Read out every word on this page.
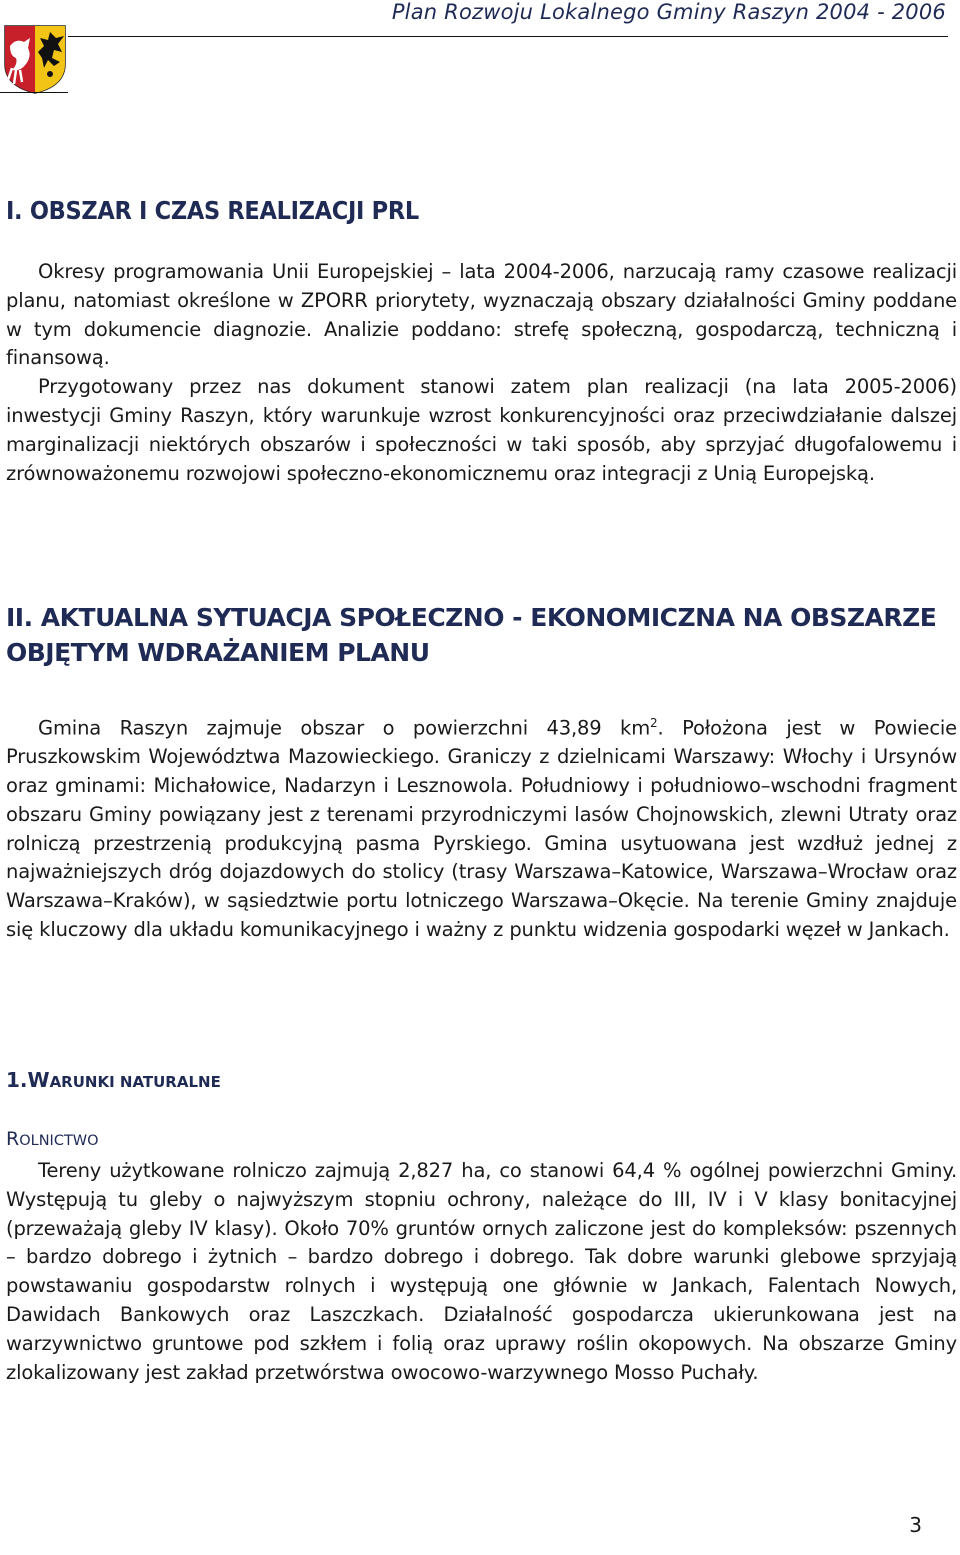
Plan Rozwoju Lokalnego Gminy Raszyn 2004 - 2006
I. OBSZAR I CZAS REALIZACJI PRL

Okresy programowania Unii Europejskiej – lata 2004-2006, narzucają ramy czasowe realizacji planu, natomiast określone w ZPORR priorytety, wyznaczają obszary działalności Gminy poddane w tym dokumencie diagnozie. Analizie poddano: strefę społeczną, gospodarczą, techniczną i finansową.

Przygotowany przez nas dokument stanowi zatem plan realizacji (na lata 2005-2006) inwestycji Gminy Raszyn, który warunkuje wzrost konkurencyjności oraz przeciwdziałanie dalszej marginalizacji niektórych obszarów i społeczności w taki sposób, aby sprzyjać długofalowemu i zrównoważonemu rozwojowi społeczno-ekonomicznemu oraz integracji z Unią Europejską.

II. AKTUALNA SYTUACJA SPOŁECZNO - EKONOMICZNA NA OBSZARZE OBJĘTYM WDRAŻANIEM PLANU

Gmina Raszyn zajmuje obszar o powierzchni 43,89 $km^2$. Położona jest w Powiecie Pruszkowskim Województwa Mazowieckiego. Graniczy z dzielnicami Warszawy: Włochy i Ursynów oraz gminami: Michałowice, Nadarzyn i Lesznowola. Południowy i południowo–wschodni fragment obszaru Gminy powiązany jest z terenami przyrodniczymi lasów Chojnowskich, zlewni Utraty oraz rolniczą przestrzenią produkcyjną pasma Pyrskiego. Gmina usytuowana jest wzdłuż jednej z najważniejszych dróg dojazdowych do stolicy (trasy Warszawa–Katowice, Warszawa–Wrocław oraz Warszawa–Kraków), w sąsiedztwie portu lotniczego Warszawa–Okęcie. Na terenie Gminy znajduje się kluczowy dla układu komunikacyjnego i ważny z punktu widzenia gospodarki węzeł w Jankach.

1.WARUNKI NATURALNE
ROLNICTWO

Tereny użytkowane rolniczo zajmują 2,827 ha, co stanowi 64,4 % ogólnej powierzchni Gminy. Występują tu gleby o najwyższym stopniu ochrony, należące do III, IV i V klasy bonitacyjnej (przeważają gleby IV klasy). Około 70% gruntów ornych zaliczone jest do kompleksów: pszennych – bardzo dobrego i żytnich – bardzo dobrego i dobrego. Tak dobre warunki glebowe sprzyjają powstawaniu gospodarstw rolnych i występują one głównie w Jankach, Falentach Nowych, Dawidach Bankowych oraz Laszczkach. Działalność gospodarcza ukierunkowana jest na warzywnictwo gruntowe pod szkłem i folią oraz uprawy roślin okopowych. Na obszarze Gminy zlokalizowany jest zakład przetwórstwa owocowo-warzywnego Mosso Puchały.

3
